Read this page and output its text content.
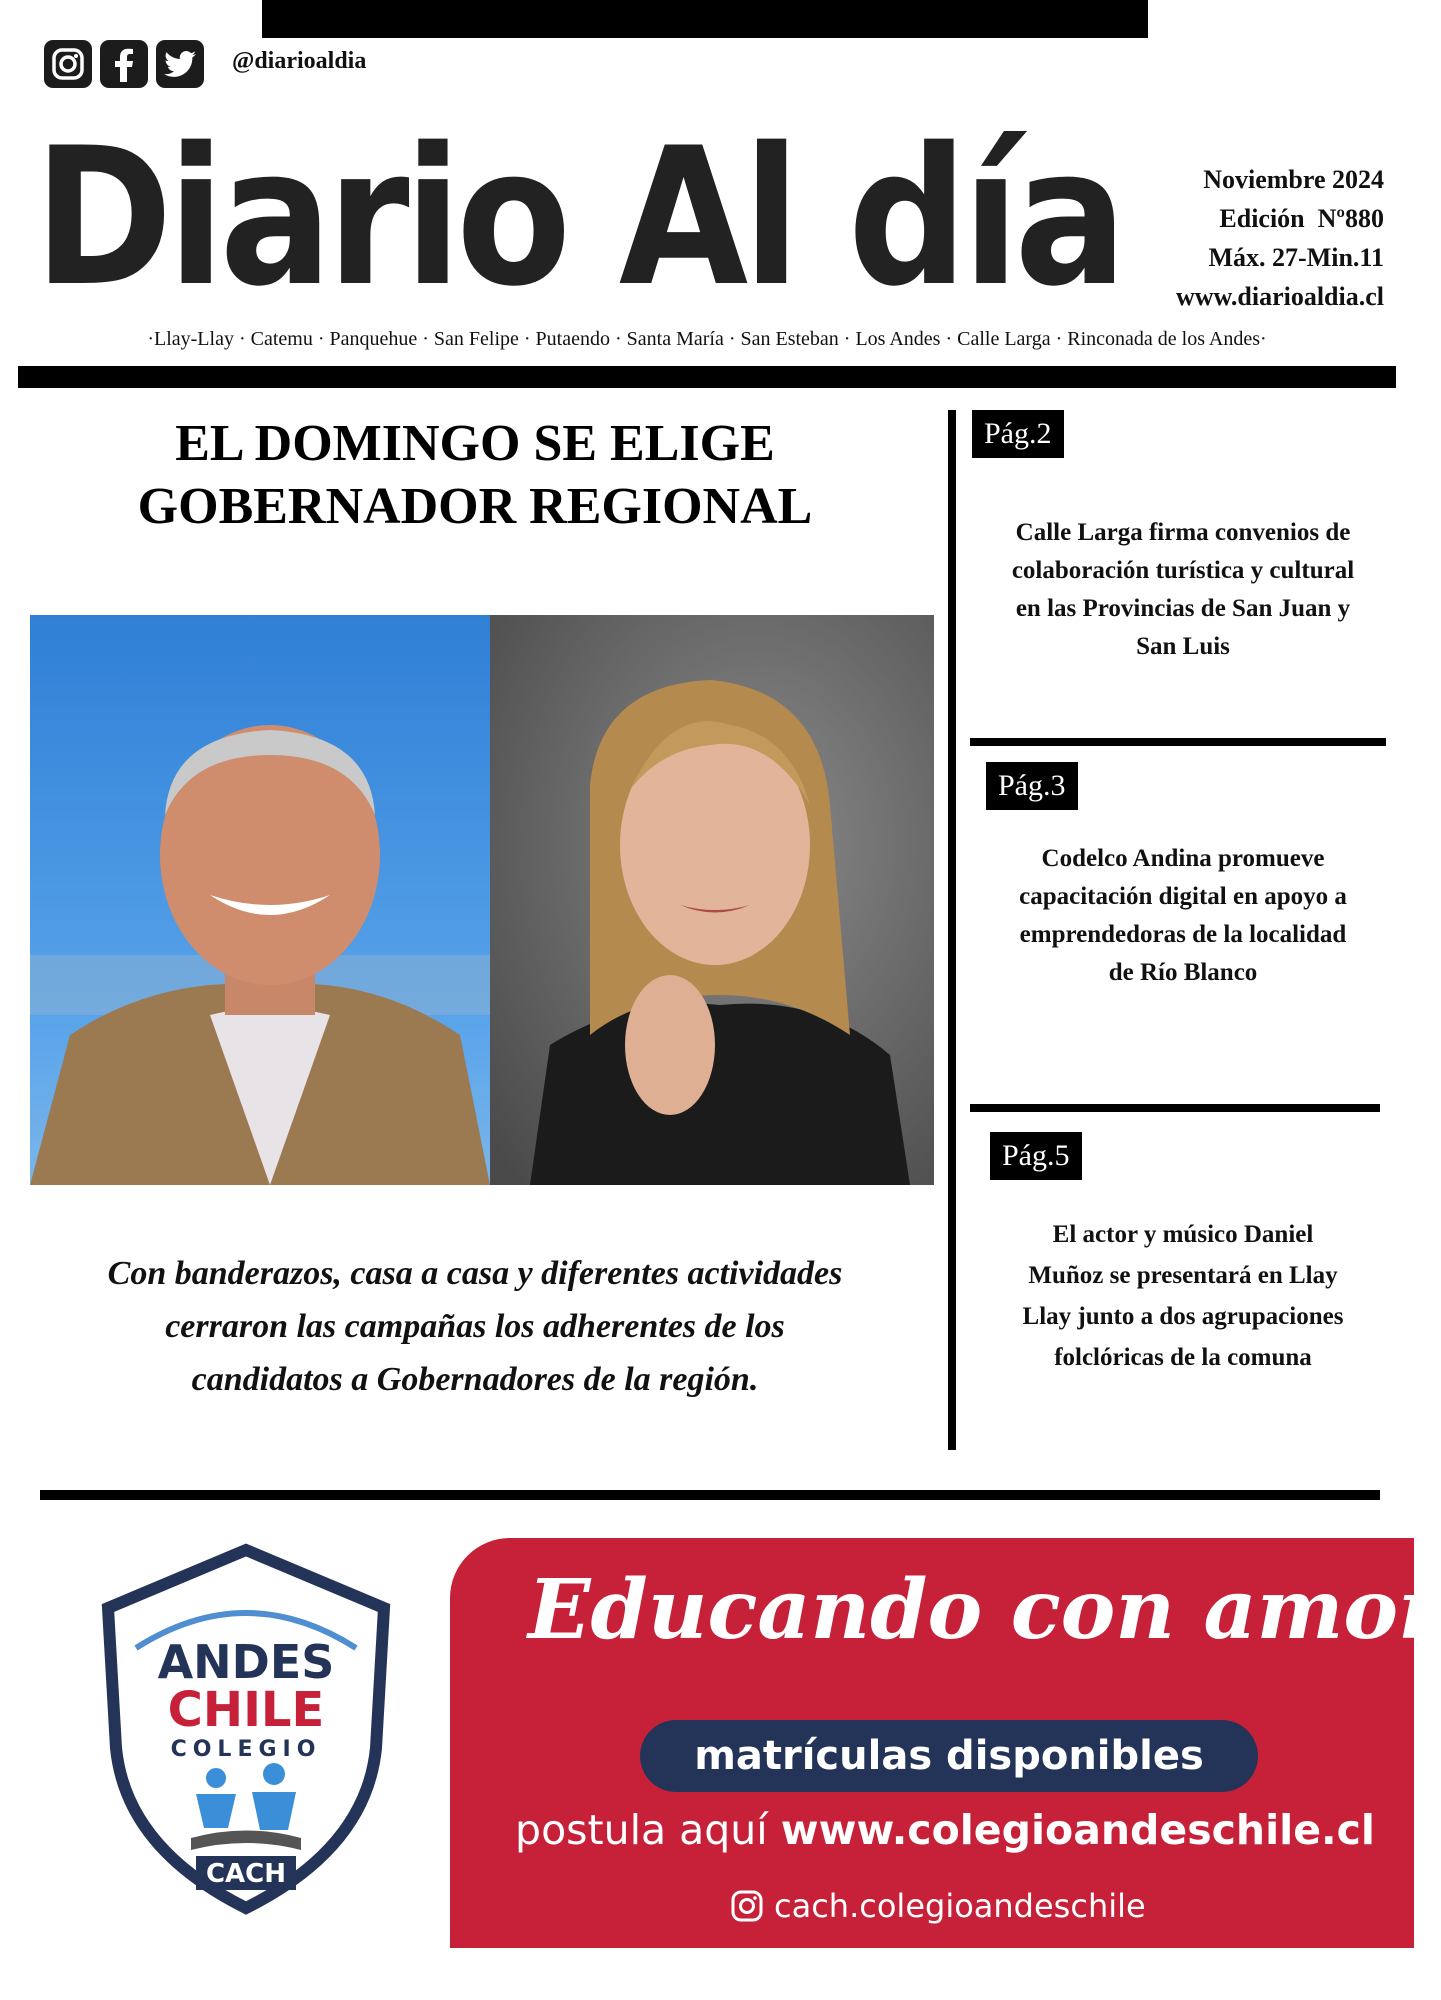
@diarioaldia
Diario Al día	Noviembre 2024
Edición  Nº880
Máx. 27-Min.11
www.diarioaldia.cl
·Llay-Llay · Catemu · Panquehue · San Felipe · Putaendo · Santa María · San Esteban · Los Andes · Calle Larga · Rinconada de los Andes·
EL DOMINGO SE ELIGE
GOBERNADOR REGIONAL
Con banderazos, casa a casa y diferentes actividades
cerraron las campañas los adherentes de los
candidatos a Gobernadores de la región.
Pág.2
Calle Larga firma convenios de
colaboración turística y cultural
en las Provincias de San Juan y
San Luis
Pág.3
Codelco Andina promueve
capacitación digital en apoyo a
emprendedoras de la localidad
de Río Blanco
Pág.5
El actor y músico Daniel
Muñoz se presentará en Llay
Llay junto a dos agrupaciones
folclóricas de la comuna
ANDES
CHILE
COLEGIO
CACH
Educando con amor
matrículas disponibles
postula aquí www.colegioandeschile.cl
cach.colegioandeschile
